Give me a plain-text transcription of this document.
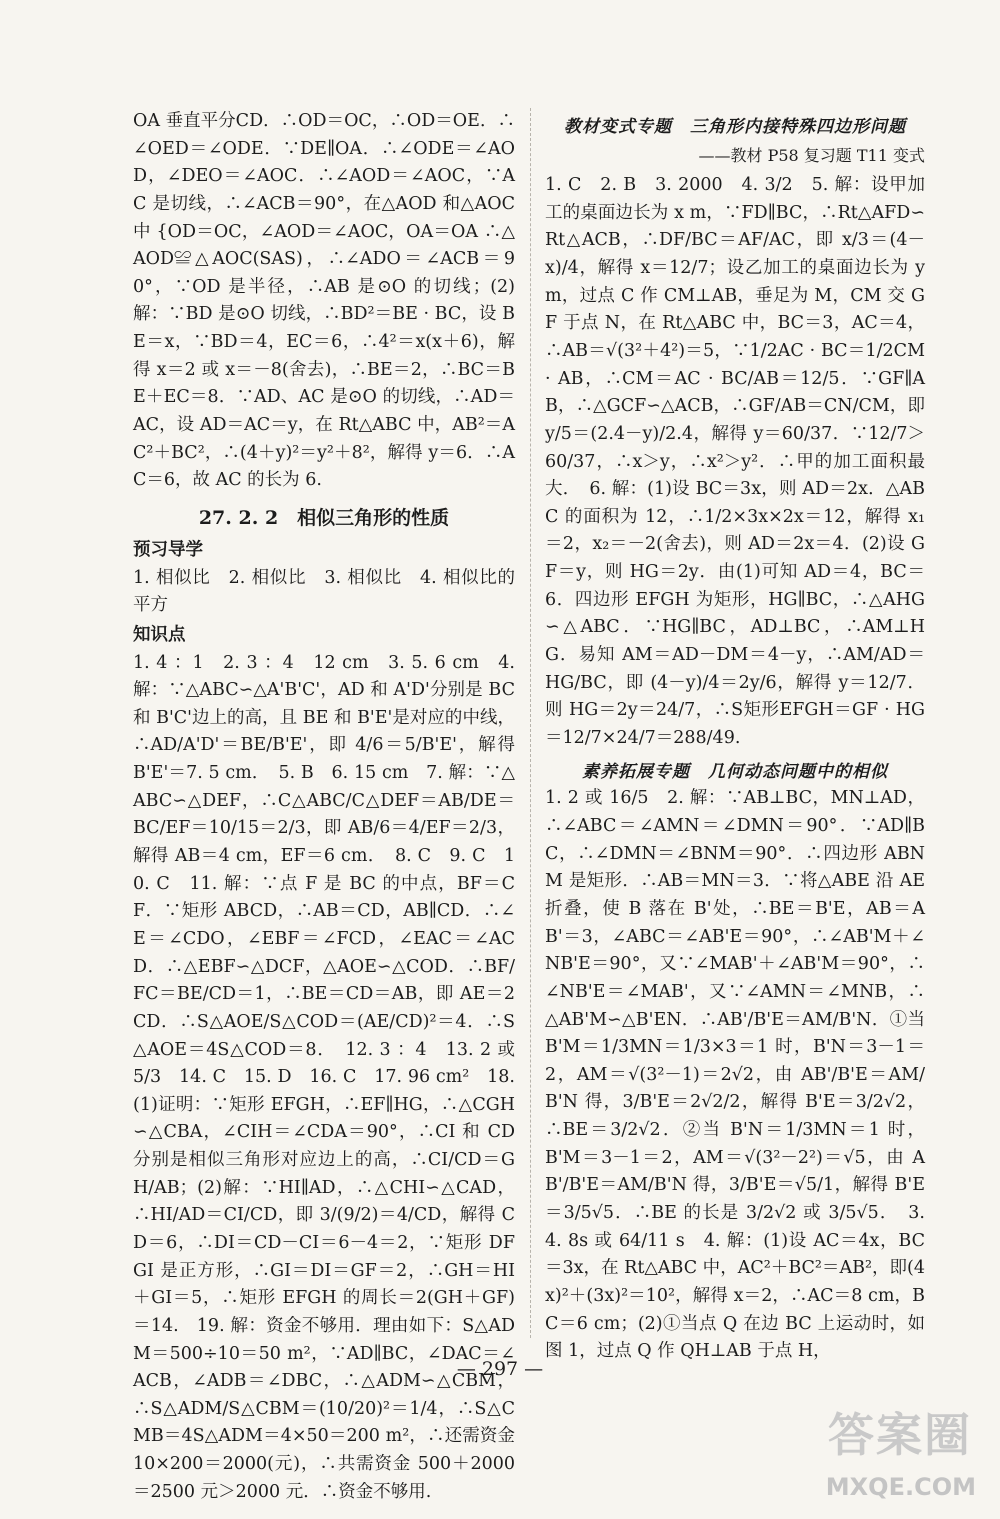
OA 垂直平分CD．∴OD＝OC，∴OD＝OE．∴∠OED＝∠ODE．∵DE∥OA．∴∠ODE＝∠AOD，∠DEO＝∠AOC．∴∠AOD＝∠AOC，∵AC 是切线，∴∠ACB＝90°，在△AOD 和△AOC 中 {OD＝OC，∠AOD＝∠AOC，OA＝OA ∴△AOD≌△AOC(SAS)，∴∠ADO＝∠ACB＝90°，∵OD 是半径，∴AB 是⊙O 的切线；(2)解：∵BD 是⊙O 切线，∴BD²＝BE · BC，设 BE＝x，∵BD＝4，EC＝6，∴4²＝x(x＋6)，解得 x＝2 或 x＝－8(舍去)，∴BE＝2，∴BC＝BE＋EC＝8．∵AD、AC 是⊙O 的切线，∴AD＝AC，设 AD＝AC＝y，在 Rt△ABC 中，AB²＝AC²＋BC²，∴(4＋y)²＝y²＋8²，解得 y＝6．∴AC＝6，故 AC 的长为 6.

27. 2. 2　相似三角形的性质
预习导学

1. 相似比　2. 相似比　3. 相似比　4. 相似比的平方

知识点

1. 4 ：1　2. 3 ：4　12 cm　3. 5. 6 cm　4. 解：∵△ABC∽△A'B'C'，AD 和 A'D'分别是 BC 和 B'C'边上的高，且 BE 和 B'E'是对应的中线，∴AD/A'D'＝BE/B'E'，即 4/6＝5/B'E'，解得 B'E'＝7. 5 cm．　5. B　6. 15 cm　7. 解：∵△ABC∽△DEF，∴C△ABC/C△DEF＝AB/DE＝BC/EF＝10/15＝2/3，即 AB/6＝4/EF＝2/3，解得 AB＝4 cm，EF＝6 cm．　8. C　9. C　10. C　11. 解：∵点 F 是 BC 的中点，BF＝CF．∵矩形 ABCD，∴AB＝CD，AB∥CD．∴∠E＝∠CDO，∠EBF＝∠FCD，∠EAC＝∠ACD．∴△EBF∽△DCF，△AOE∽△COD．∴BF/FC＝BE/CD＝1，∴BE＝CD＝AB，即 AE＝2CD．∴S△AOE/S△COD＝(AE/CD)²＝4．∴S△AOE＝4S△COD＝8．　12. 3 ：4　13. 2 或 5/3　14. C　15. D　16. C　17. 96 cm²　18. (1)证明：∵矩形 EFGH，∴EF∥HG，∴△CGH∽△CBA，∠CIH＝∠CDA＝90°，∴CI 和 CD 分别是相似三角形对应边上的高，∴CI/CD＝GH/AB；(2)解：∵HI∥AD，∴△CHI∽△CAD，∴HI/AD＝CI/CD，即 3/(9/2)＝4/CD，解得 CD＝6，∴DI＝CD－CI＝6－4＝2，∵矩形 DFGI 是正方形，∴GI＝DI＝GF＝2，∴GH＝HI＋GI＝5，∴矩形 EFGH 的周长＝2(GH＋GF)＝14.　19. 解：资金不够用．理由如下：S△ADM＝500÷10＝50 m²，∵AD∥BC，∠DAC＝∠ACB，∠ADB＝∠DBC，∴△ADM∽△CBM，∴S△ADM/S△CBM＝(10/20)²＝1/4，∴S△CMB＝4S△ADM＝4×50＝200 m²，∴还需资金 10×200＝2000(元)，∴共需资金 500＋2000＝2500 元＞2000 元．∴资金不够用.

教材变式专题　三角形内接特殊四边形问题
——教材 P58 复习题 T11 变式

1. C　2. B　3. 2000　4. 3/2　5. 解：设甲加工的桌面边长为 x m，∵FD∥BC，∴Rt△AFD∽Rt△ACB，∴DF/BC＝AF/AC，即 x/3＝(4－x)/4，解得 x＝12/7；设乙加工的桌面边长为 y m，过点 C 作 CM⊥AB，垂足为 M，CM 交 GF 于点 N，在 Rt△ABC 中，BC＝3，AC＝4，∴AB＝√(3²＋4²)＝5，∵1/2AC · BC＝1/2CM · AB，∴CM＝AC · BC/AB＝12/5．∵GF∥AB，∴△GCF∽△ACB，∴GF/AB＝CN/CM，即 y/5＝(2.4－y)/2.4，解得 y＝60/37．∵12/7＞60/37，∴x＞y，∴x²＞y²．∴甲的加工面积最大．　6. 解：(1)设 BC＝3x，则 AD＝2x．△ABC 的面积为 12，∴1/2×3x×2x＝12，解得 x₁＝2，x₂＝－2(舍去)，则 AD＝2x＝4．(2)设 GF＝y，则 HG＝2y．由(1)可知 AD＝4，BC＝6．四边形 EFGH 为矩形，HG∥BC，∴△AHG∽△ABC．∵HG∥BC，AD⊥BC，∴AM⊥HG．易知 AM＝AD－DM＝4－y，∴AM/AD＝HG/BC，即 (4－y)/4＝2y/6，解得 y＝12/7．则 HG＝2y＝24/7，∴S矩形EFGH＝GF · HG＝12/7×24/7＝288/49.

素养拓展专题　几何动态问题中的相似

1. 2 或 16/5　2. 解：∵AB⊥BC，MN⊥AD，∴∠ABC＝∠AMN＝∠DMN＝90°．∵AD∥BC，∴∠DMN＝∠BNM＝90°．∴四边形 ABNM 是矩形．∴AB＝MN＝3．∵将△ABE 沿 AE 折叠，使 B 落在 B'处，∴BE＝B'E，AB＝AB'＝3，∠ABC＝∠AB'E＝90°，∴∠AB'M＋∠NB'E＝90°，又∵∠MAB'＋∠AB'M＝90°，∴∠NB'E＝∠MAB'，又∵∠AMN＝∠MNB，∴△AB'M∽△B'EN．∴AB'/B'E＝AM/B'N．①当 B'M＝1/3MN＝1/3×3＝1 时，B'N＝3－1＝2，AM＝√(3²－1)＝2√2，由 AB'/B'E＝AM/B'N 得，3/B'E＝2√2/2，解得 B'E＝3/2√2，∴BE＝3/2√2．②当 B'N＝1/3MN＝1 时，B'M＝3－1＝2，AM＝√(3²－2²)＝√5，由 AB'/B'E＝AM/B'N 得，3/B'E＝√5/1，解得 B'E＝3/5√5．∴BE 的长是 3/2√2 或 3/5√5．　3. 4. 8s 或 64/11 s　4. 解：(1)设 AC＝4x，BC＝3x，在 Rt△ABC 中，AC²＋BC²＝AB²，即(4x)²＋(3x)²＝10²，解得 x＝2，∴AC＝8 cm，BC＝6 cm；(2)①当点 Q 在边 BC 上运动时，如图 1，过点 Q 作 QH⊥AB 于点 H，

— 297 —
答案圈
MXQE.COM
